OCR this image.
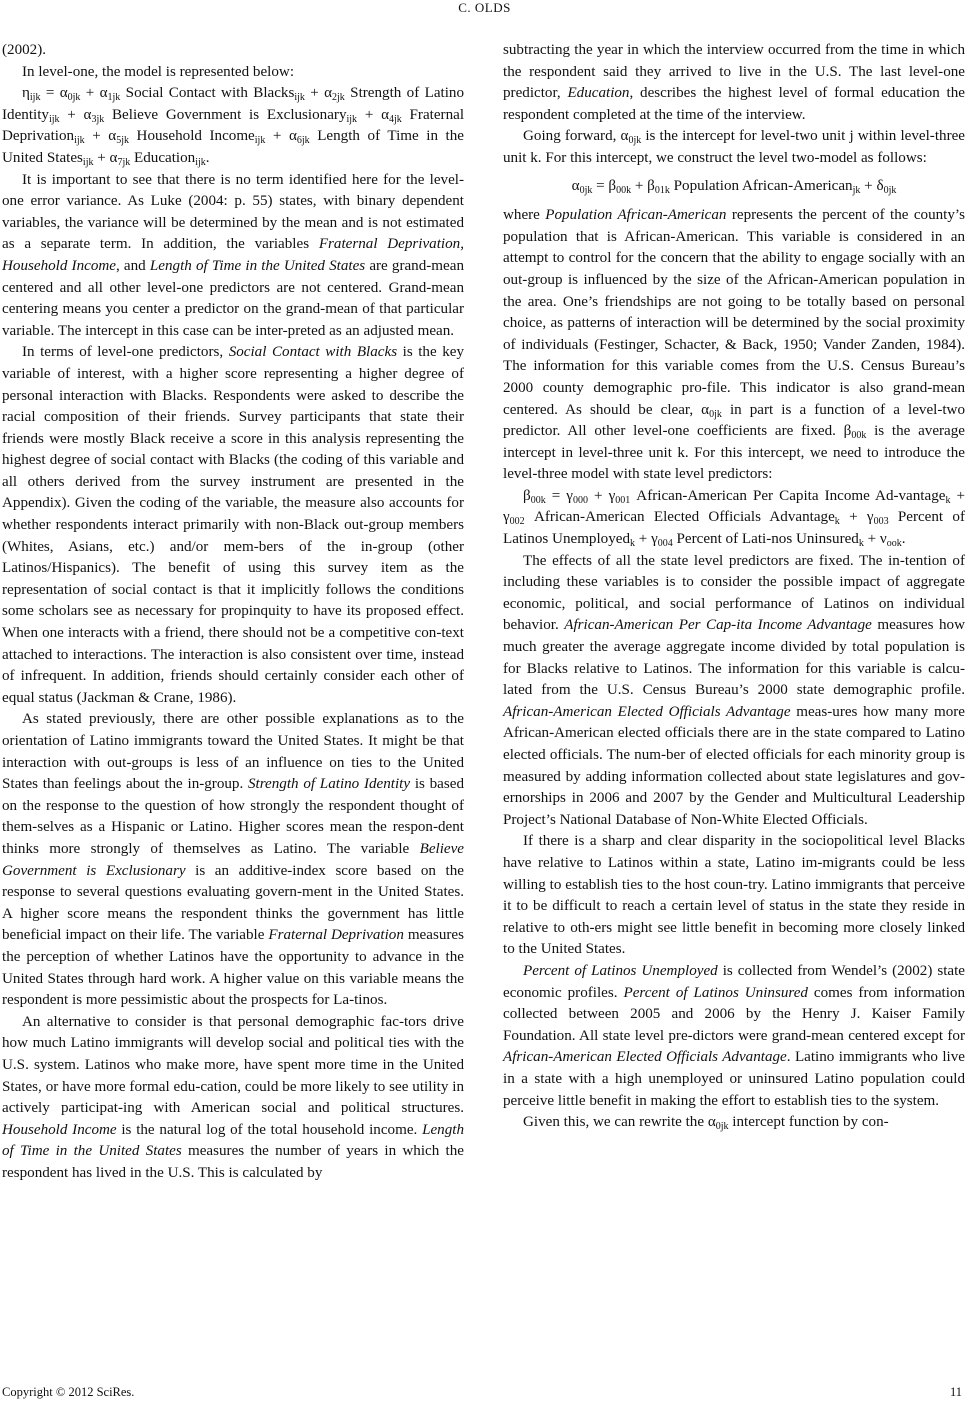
C. OLDS

(2002).

In level-one, the model is represented below:

$\eta_{ijk} = \alpha_{0jk} + \alpha_{1jk}$ Social Contact with Blacks$_{ijk}$ + $\alpha_{2jk}$ Strength of Latino Identity$_{ijk}$ + $\alpha_{3jk}$ Believe Government is Exclusionary$_{ijk}$ + $\alpha_{4jk}$ Fraternal Deprivation$_{ijk}$ + $\alpha_{5jk}$ Household Income$_{ijk}$ + $\alpha_{6jk}$ Length of Time in the United States$_{ijk}$ + $\alpha_{7jk}$ Education$_{ijk}$.

It is important to see that there is no term identified here for the level-one error variance. As Luke (2004: p. 55) states, with binary dependent variables, the variance will be determined by the mean and is not estimated as a separate term. In addition, the variables Fraternal Deprivation, Household Income, and Length of Time in the United States are grand-mean centered and all other level-one predictors are not centered. Grand-mean centering means you center a predictor on the grand-mean of that particular variable. The intercept in this case can be inter-preted as an adjusted mean.

In terms of level-one predictors, Social Contact with Blacks is the key variable of interest, with a higher score representing a higher degree of personal interaction with Blacks. Respondents were asked to describe the racial composition of their friends. Survey participants that state their friends were mostly Black receive a score in this analysis representing the highest degree of social contact with Blacks (the coding of this variable and all others derived from the survey instrument are presented in the Appendix). Given the coding of the variable, the measure also accounts for whether respondents interact primarily with non-Black out-group members (Whites, Asians, etc.) and/or mem-bers of the in-group (other Latinos/Hispanics). The benefit of using this survey item as the representation of social contact is that it implicitly follows the conditions some scholars see as necessary for propinquity to have its proposed effect. When one interacts with a friend, there should not be a competitive con-text attached to interactions. The interaction is also consistent over time, instead of infrequent. In addition, friends should certainly consider each other of equal status (Jackman & Crane, 1986).

As stated previously, there are other possible explanations as to the orientation of Latino immigrants toward the United States. It might be that interaction with out-groups is less of an influence on ties to the United States than feelings about the in-group. Strength of Latino Identity is based on the response to the question of how strongly the respondent thought of them-selves as a Hispanic or Latino. Higher scores mean the respon-dent thinks more strongly of themselves as Latino. The variable Believe Government is Exclusionary is an additive-index score based on the response to several questions evaluating govern-ment in the United States. A higher score means the respondent thinks the government has little beneficial impact on their life. The variable Fraternal Deprivation measures the perception of whether Latinos have the opportunity to advance in the United States through hard work. A higher value on this variable means the respondent is more pessimistic about the prospects for La-tinos.

An alternative to consider is that personal demographic fac-tors drive how much Latino immigrants will develop social and political ties with the U.S. system. Latinos who make more, have spent more time in the United States, or have more formal edu-cation, could be more likely to see utility in actively participat-ing with American social and political structures. Household Income is the natural log of the total household income. Length of Time in the United States measures the number of years in which the respondent has lived in the U.S. This is calculated by

subtracting the year in which the interview occurred from the time in which the respondent said they arrived to live in the U.S. The last level-one predictor, Education, describes the highest level of formal education the respondent completed at the time of the interview.

Going forward, $\alpha_{0jk}$ is the intercept for level-two unit j within level-three unit k. For this intercept, we construct the level two-model as follows:

$\alpha_{0jk} = \beta_{00k} + \beta_{01k}$ Population African-American$_{jk}$ + $\delta_{0jk}$

where Population African-American represents the percent of the county’s population that is African-American. This variable is considered in an attempt to control for the concern that the ability to engage socially with an out-group is influenced by the size of the African-American population in the area. One’s friendships are not going to be totally based on personal choice, as patterns of interaction will be determined by the social proximity of individuals (Festinger, Schacter, & Back, 1950; Vander Zanden, 1984). The information for this variable comes from the U.S. Census Bureau’s 2000 county demographic pro-file. This indicator is also grand-mean centered. As should be clear, $\alpha_{0jk}$ in part is a function of a level-two predictor. All other level-one coefficients are fixed. $\beta_{00k}$ is the average intercept in level-three unit k. For this intercept, we need to introduce the level-three model with state level predictors:

$\beta_{00k} = \gamma_{000} + \gamma_{001}$ African-American Per Capita Income Ad-vantage$_k$ + $\gamma_{002}$ African-American Elected Officials Advantage$_k$ + $\gamma_{003}$ Percent of Latinos Unemployed$_k$ + $\gamma_{004}$ Percent of Lati-nos Uninsured$_k$ + $\nu_{ook}$.

The effects of all the state level predictors are fixed. The in-tention of including these variables is to consider the possible impact of aggregate economic, political, and social performance of Latinos on individual behavior. African-American Per Cap-ita Income Advantage measures how much greater the average aggregate income divided by total population is for Blacks relative to Latinos. The information for this variable is calcu-lated from the U.S. Census Bureau’s 2000 state demographic profile. African-American Elected Officials Advantage meas-ures how many more African-American elected officials there are in the state compared to Latino elected officials. The num-ber of elected officials for each minority group is measured by adding information collected about state legislatures and gov-ernorships in 2006 and 2007 by the Gender and Multicultural Leadership Project’s National Database of Non-White Elected Officials.

If there is a sharp and clear disparity in the sociopolitical level Blacks have relative to Latinos within a state, Latino im-migrants could be less willing to establish ties to the host coun-try. Latino immigrants that perceive it to be difficult to reach a certain level of status in the state they reside in relative to oth-ers might see little benefit in becoming more closely linked to the United States.

Percent of Latinos Unemployed is collected from Wendel’s (2002) state economic profiles. Percent of Latinos Uninsured comes from information collected between 2005 and 2006 by the Henry J. Kaiser Family Foundation. All state level pre-dictors were grand-mean centered except for African-American Elected Officials Advantage. Latino immigrants who live in a state with a high unemployed or uninsured Latino population could perceive little benefit in making the effort to establish ties to the system.

Given this, we can rewrite the $\alpha_{0jk}$ intercept function by con-

Copyright © 2012 SciRes.	11
